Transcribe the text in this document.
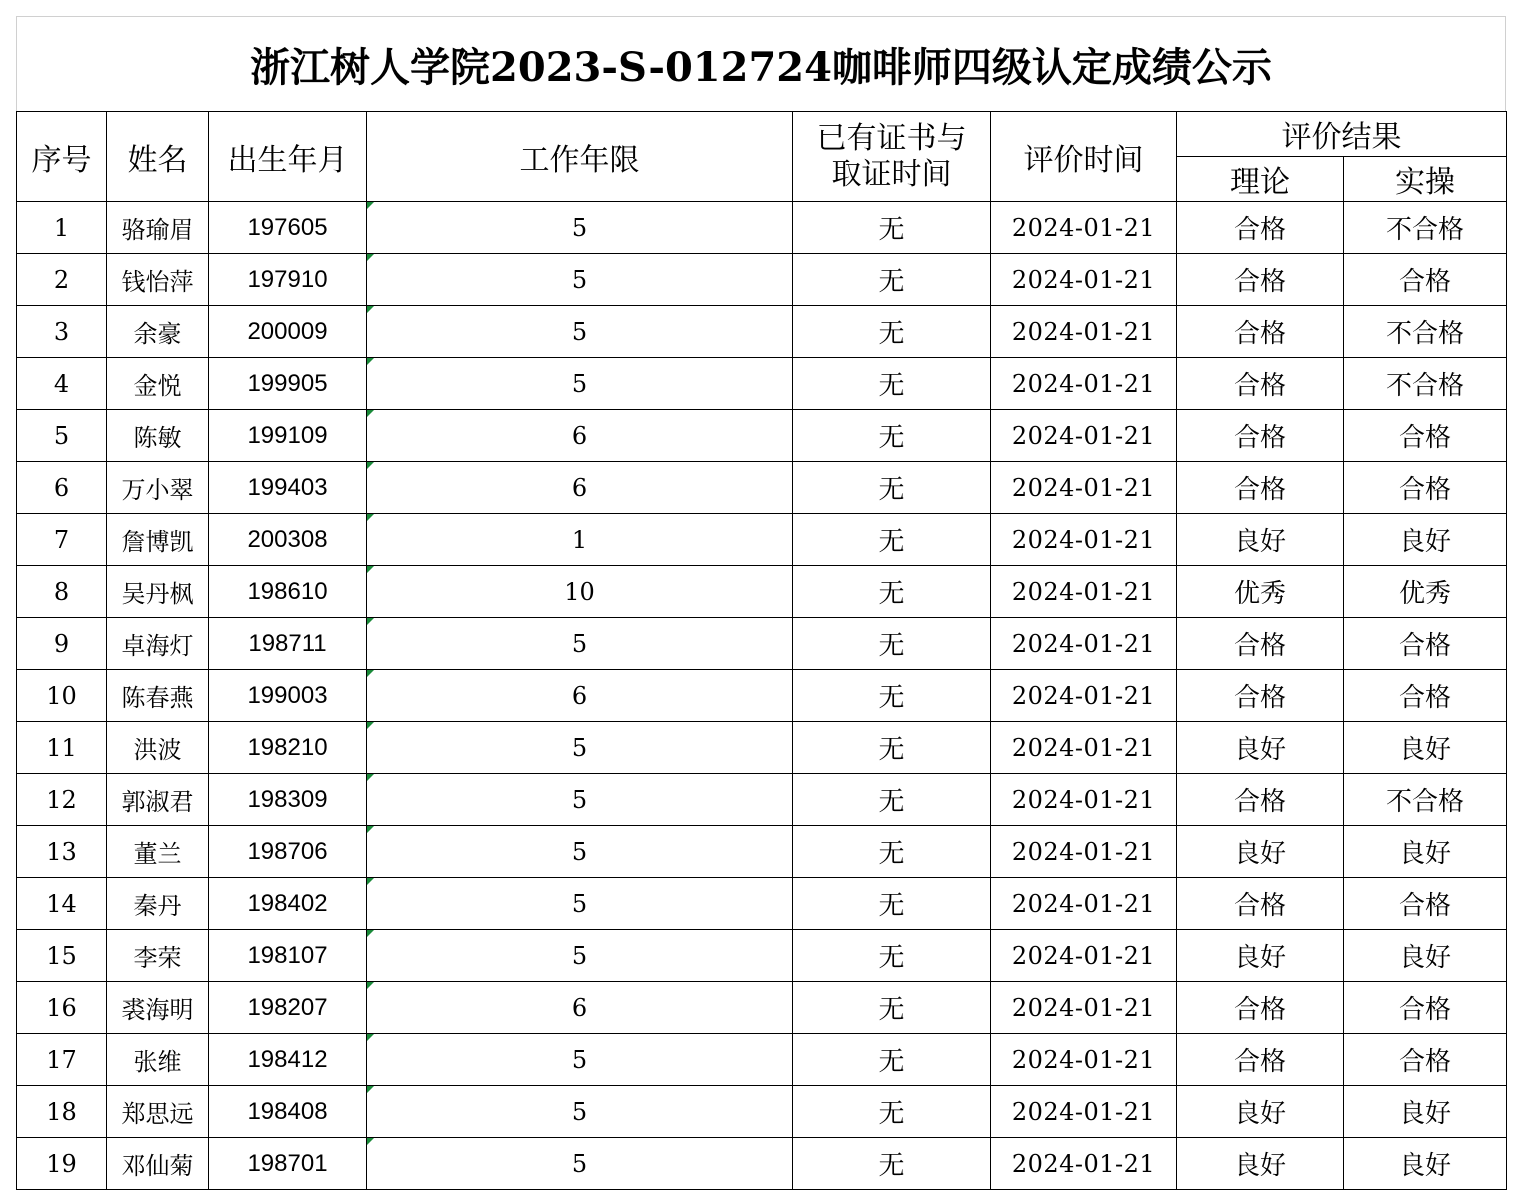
浙江树人学院2023-S-012724咖啡师四级认定成绩公示
序号	姓名	出生年月	工作年限	已有证书与
取证时间	评价时间	评价结果	
						理论	实操
1	骆瑜眉	197605	5	无	2024-01-21	合格	不合格
2	钱怡萍	197910	5	无	2024-01-21	合格	合格
3	余豪	200009	5	无	2024-01-21	合格	不合格
4	金悦	199905	5	无	2024-01-21	合格	不合格
5	陈敏	199109	6	无	2024-01-21	合格	合格
6	万小翠	199403	6	无	2024-01-21	合格	合格
7	詹博凯	200308	1	无	2024-01-21	良好	良好
8	吴丹枫	198610	10	无	2024-01-21	优秀	优秀
9	卓海灯	198711	5	无	2024-01-21	合格	合格
10	陈春燕	199003	6	无	2024-01-21	合格	合格
11	洪波	198210	5	无	2024-01-21	良好	良好
12	郭淑君	198309	5	无	2024-01-21	合格	不合格
13	董兰	198706	5	无	2024-01-21	良好	良好
14	秦丹	198402	5	无	2024-01-21	合格	合格
15	李荣	198107	5	无	2024-01-21	良好	良好
16	裘海明	198207	6	无	2024-01-21	合格	合格
17	张维	198412	5	无	2024-01-21	合格	合格
18	郑思远	198408	5	无	2024-01-21	良好	良好
19	邓仙菊	198701	5	无	2024-01-21	良好	良好
